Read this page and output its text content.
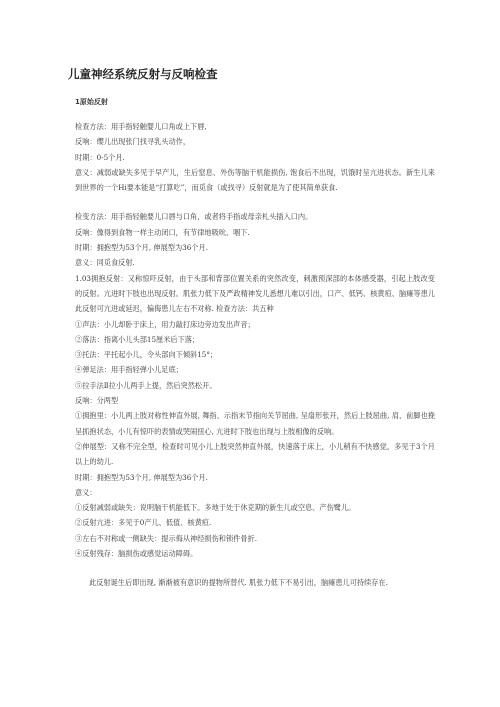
儿童神经系统反射与反响检查
1原始反射

检查方法：用手指轻触婴儿口角或上下唇,

反响：缨儿出现张门找寻乳头动作，

时期：0-5个月.

意义：减弱或缺失多见于早产儿，生后窒息、外伤等脑干机能损伤, 饱食后不出现，饥饿时呈亢进状态。新生儿来到世界的一个Hi要本能是“打算吃”，而觅食（或找寻）反射就是为了使其简单获食.

检变方法：用手指轻触要儿口唇与口角，或者将手指或母亲札头插入口内。

反响：像得到食物一样主动闭口，有节律地吸吮、咽下.

时期：拥抱型为53个月, 伸展型为36个月.

意义：同觅食反射.

1.03拥抱反射：又称惊吓反射，由于头部和背部位置关系的突然改变，刺激预深部的本体感受器，引起上肢改变的反射。亢进时下肢也出现反射。肌张力低下及严政精神发儿悉想儿难以引出，口产、低钙、核黄疸、脑瘫等患儿此反射可亢进或延迟，偏侮患儿左右不对称. 检查方法：共五种

①声法：小儿却卧于床上，用力敲打床边旁边发出声音；

②落法：指离小儿头部15厘米后下落；

③托法：平托起小儿，令头部向下倾斜15°；

④弹足法：用手指轻弹小儿足底；

⑤拉手法Ⅱ拉小儿两手上提，然后突然松开。

反响：分两型

①拥抱里：小儿两上肢对称性伸直外展, 舞指、示指末节指向关节屈曲, 呈扇形张开，然后上肢屈曲, 肩、前脚也挽呈抓抱状态，小儿有惊吓的表情或哭闹扭心, 亢进时下肢也出现与上肢相像的反响。

②伸展型：又称不完全型，检查时可见小儿上肢突然伸直外展，快速落于床上，小儿稍有不快感觉，多见于3个月以上的幼儿.

时期：拥抱型为53个月, 伸展型为36个月.

意义：

①反射减弱或缺失：说明脑干机能低下。多地于处于休克期的新生儿或空息、产伤鹭儿。

②反射亢进：多见于0产儿、低值、核黄疸.

③左右不对称或一侧缺失：提示侮从神经损伤和锁件骨折.

④反射残存：脑损伤或感觉运动障碍。

此反射诞生后即出现, 渐渐被有意识的提物所替代. 肌张力低下不易引出，脑瘫患儿可持续存在.
